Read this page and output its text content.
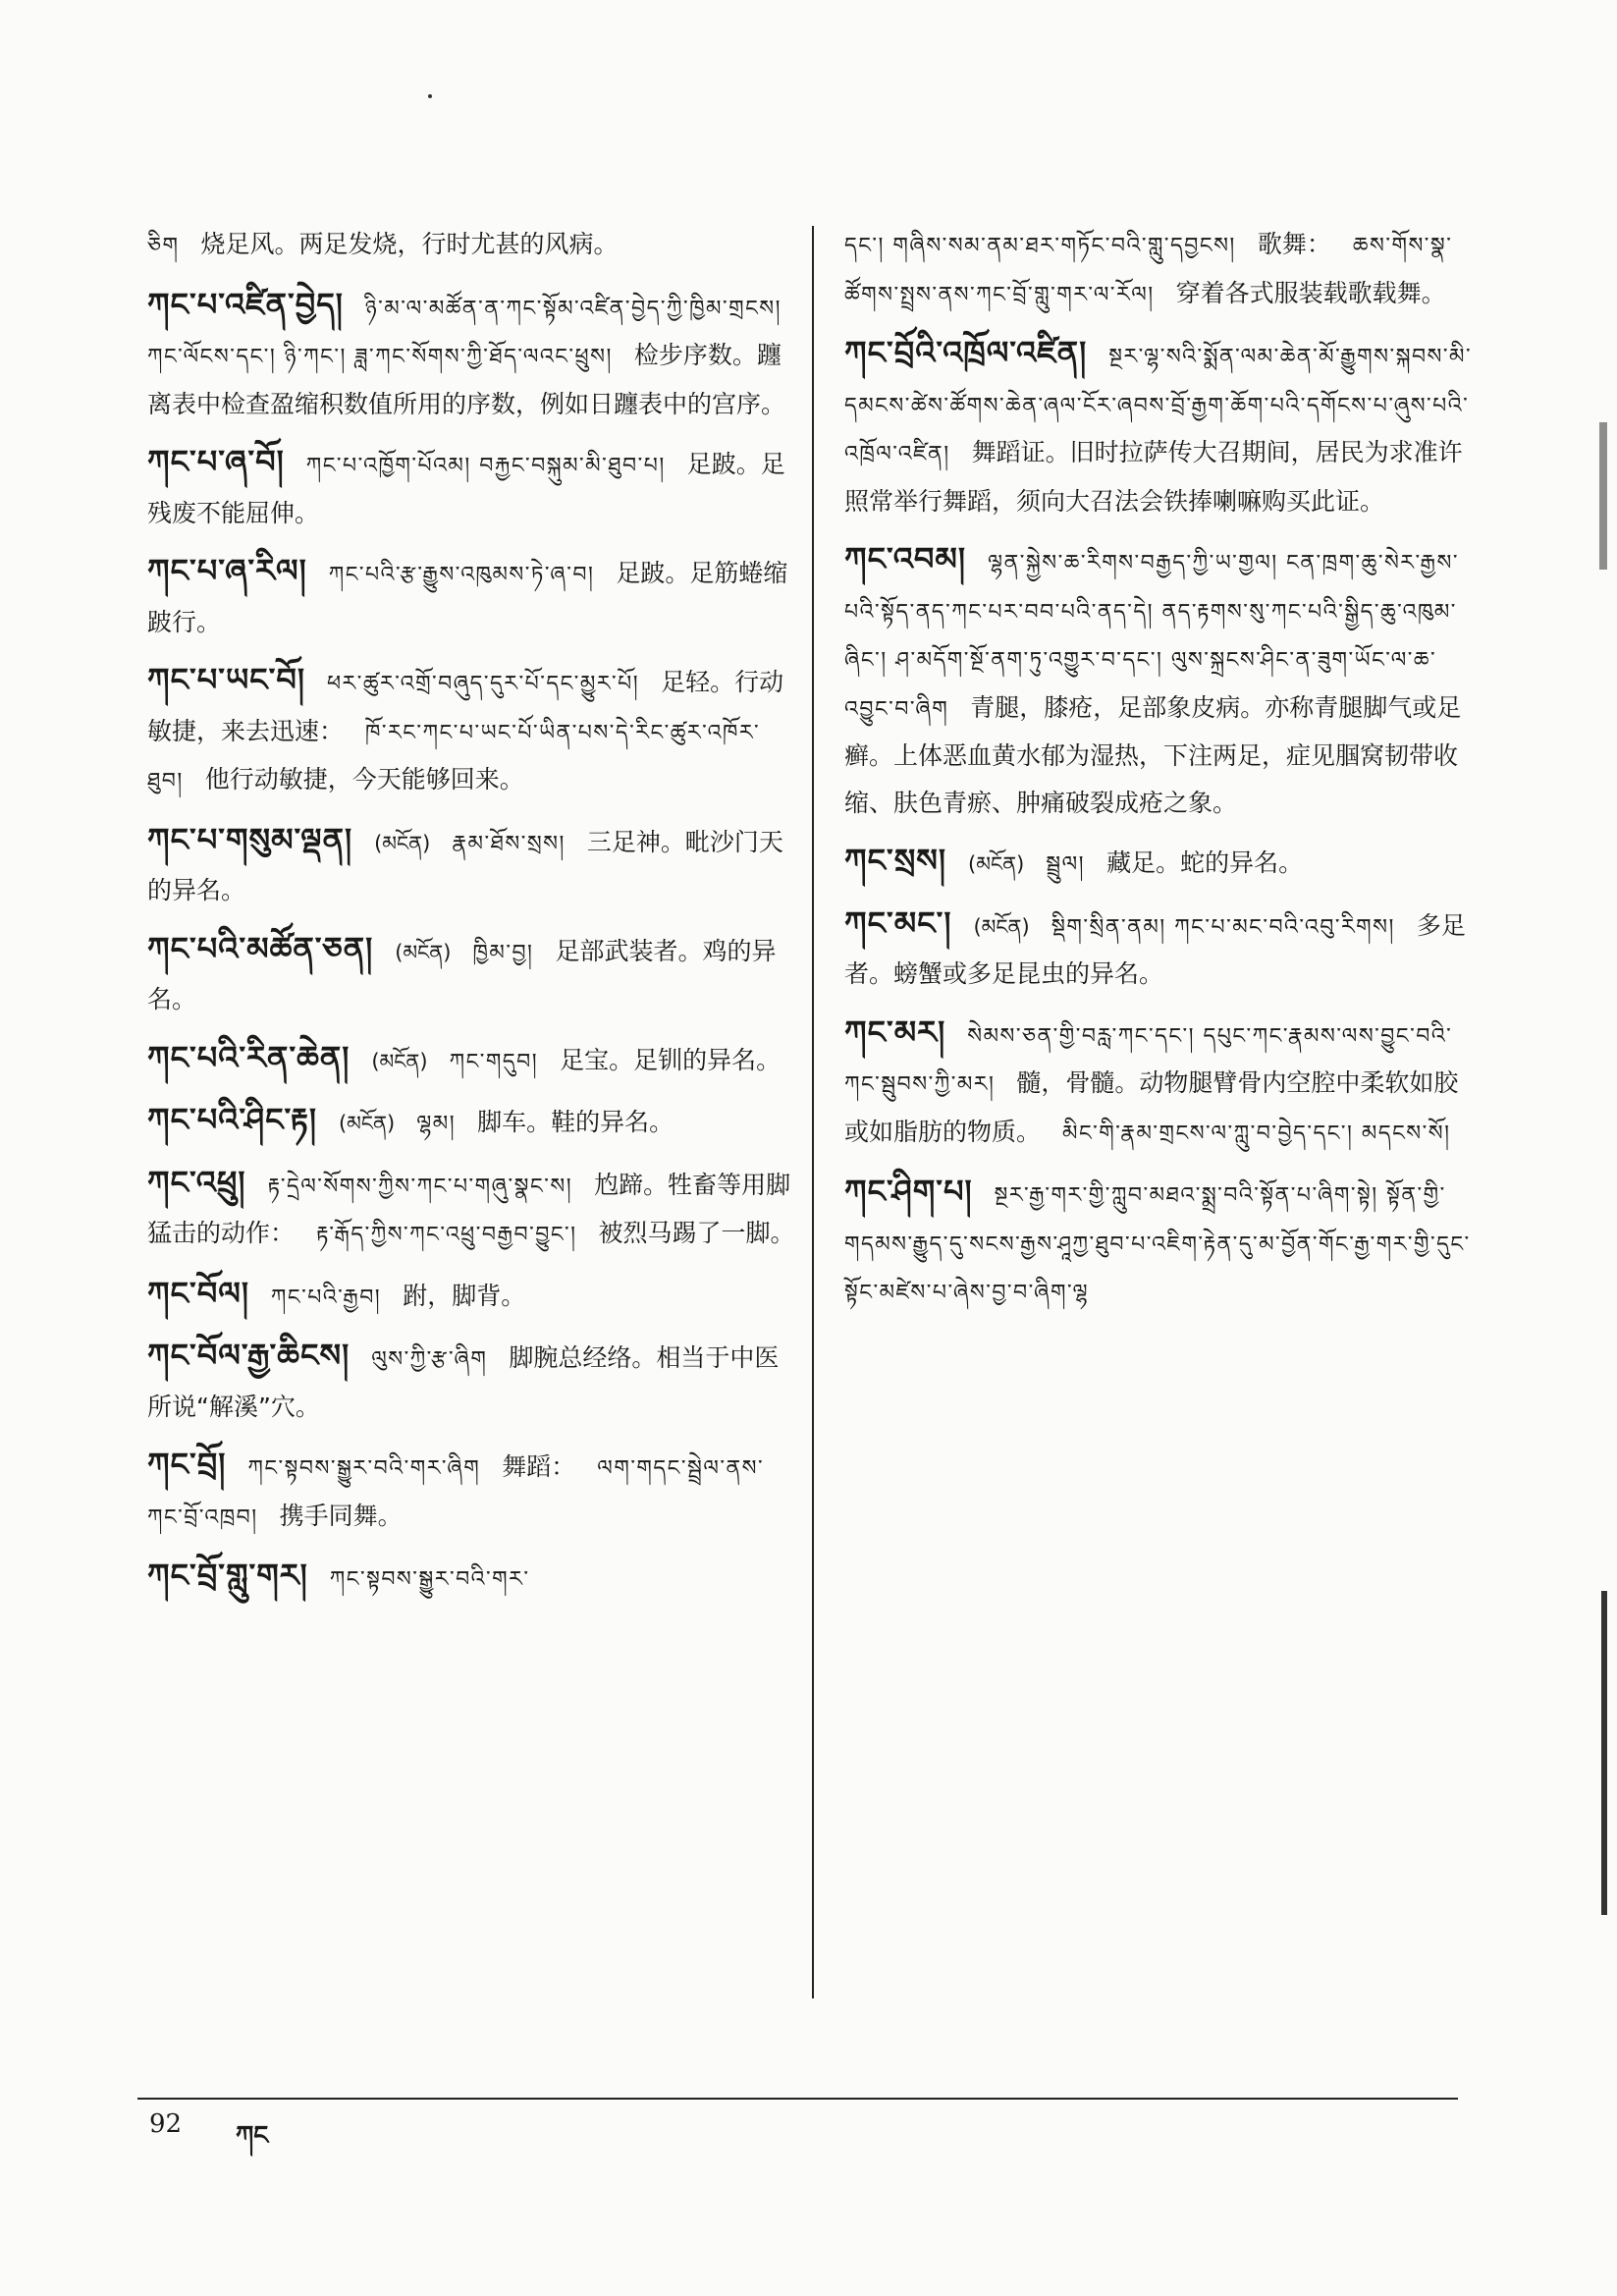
ཅིག 烧足风。两足发烧，行时尤甚的风病。
ཀང་པ་འཛིན་བྱེད། ཉི་མ་ལ་མཚོན་ན་ཀང་སྟོམ་འཛིན་བྱེད་ཀྱི་ཁྱིམ་གྲངས། ཀང་ལོངས་དང་། ཉི་ཀང་། ཟླ་ཀང་སོགས་ཀྱི་ཐོད་ལའང་ཕྲུས། 检步序数。躔离表中检查盈缩积数值所用的序数，例如日躔表中的宫序。
ཀང་པ་ཞ་བོ། ཀང་པ་འཁྱོག་པོའམ། བརྐྱང་བསྐུམ་མི་ཐུབ་པ། 足跛。足残废不能屈伸。
ཀང་པ་ཞ་རིལ། ཀང་པའི་རྩ་རྒྱུས་འཁུམས་ཏེ་ཞ་བ། 足跛。足筋蜷缩跛行。
ཀང་པ་ཡང་བོ། ཕར་ཚུར་འགྲོ་བཞུད་དུར་པོ་དང་མྱུར་པོ། 足轻。行动敏捷，来去迅速： ཁོ་རང་ཀང་པ་ཡང་པོ་ཡིན་པས་དེ་རིང་ཚུར་འཁོར་ཐུབ། 他行动敏捷，今天能够回来。
ཀང་པ་གསུམ་ལྡན། (མངོན) རྣམ་ཐོས་སྲས། 三足神。毗沙门天的异名。
ཀང་པའི་མཚོན་ཅན། (མངོན) ཁྱིམ་བྱ། 足部武装者。鸡的异名。
ཀང་པའི་རིན་ཆེན། (མངོན) ཀང་གདུབ། 足宝。足钏的异名。
ཀང་པའི་ཤིང་རྟ། (མངོན) ལྷམ། 脚车。鞋的异名。
ཀང་འཕྲུ། རྟ་དྲེལ་སོགས་ཀྱིས་ཀང་པ་གཞུ་སྣང་ས། 尥蹄。牲畜等用脚猛击的动作： རྟ་རྒོད་ཀྱིས་ཀང་འཕྲུ་བརྒྱབ་བྱུང་། 被烈马踢了一脚。
ཀང་བོལ། ཀང་པའི་རྒྱབ། 跗，脚背。
ཀང་བོལ་རྒྱ་ཆིངས། ལུས་ཀྱི་རྩ་ཞིག 脚腕总经络。相当于中医所说“解溪”穴。
ཀང་བྲོ། ཀང་སྟབས་སྒྱུར་བའི་གར་ཞིག 舞蹈： ལག་གདང་སྦྲེལ་ནས་ཀང་བྲོ་འཁྲབ། 携手同舞。
ཀང་བྲོ་གླུ་གར། ཀང་སྟབས་སྒྱུར་བའི་གར་
དང་། གཞིས་སམ་ནམ་ཐར་གཏོང་བའི་གླུ་དབྱངས། 歌舞： ཆས་གོས་སྣ་ཚོགས་སྤྲས་ནས་ཀང་བྲོ་གླུ་གར་ལ་རོལ། 穿着各式服装载歌载舞。
ཀང་བྲོའི་འཁྲོལ་འཛིན། སྔར་ལྷ་སའི་སྨོན་ལམ་ཆེན་མོ་རྒྱུགས་སྐབས་མི་དམངས་ཚེས་ཚོགས་ཆེན་ཞལ་ངོར་ཞབས་བྲོ་རྒྱག་ཆོག་པའི་དགོངས་པ་ཞུས་པའི་འཁྲོལ་འཛིན། 舞蹈证。旧时拉萨传大召期间，居民为求准许照常举行舞蹈，须向大召法会铁捧喇嘛购买此证。
ཀང་འབམ། ལྷན་སྐྱེས་ཆ་རིགས་བརྒྱད་ཀྱི་ཡ་གྱལ། ངན་ཁྲག་ཆུ་སེར་རྒྱས་པའི་སྟོད་ནད་ཀང་པར་བབ་པའི་ནད་དེ། ནད་རྟགས་སུ་ཀང་པའི་སྒྱིད་ཆུ་འཁུམ་ཞིང་། ཤ་མདོག་སྔོ་ནག་ཏུ་འགྱུར་བ་དང་། ལུས་སྐྲངས་ཤིང་ན་ཟུག་ཡོང་ལ་ཆ་འབྱུང་བ་ཞིག 青腿，膝疮，足部象皮病。亦称青腿脚气或足癣。上体恶血黄水郁为湿热，下注两足，症见腘窝韧带收缩、肤色青瘀、肿痛破裂成疮之象。
ཀང་སྲས། (མངོན) སྦྲུལ། 藏足。蛇的异名。
ཀང་མང་། (མངོན) སྡིག་སྲིན་ནམ། ཀང་པ་མང་བའི་འབུ་རིགས། 多足者。螃蟹或多足昆虫的异名。
ཀང་མར། སེམས་ཅན་གྱི་བརླ་ཀང་དང་། དཔུང་ཀང་རྣམས་ལས་བྱུང་བའི་ཀང་སྦུབས་ཀྱི་མར། 髓，骨髓。动物腿臂骨内空腔中柔软如胶或如脂肪的物质。 མིང་གི་རྣམ་གྲངས་ལ་ཀླུ་བ་བྱེད་དང་། མདངས་སོ།
ཀང་ཤིག་པ། སྔར་རྒྱ་གར་གྱི་ཀླུབ་མཐའ་སྨྲ་བའི་སྟོན་པ་ཞིག་སྟེ། སྟོན་གྱི་གདམས་རྒྱུད་དུ་སངས་རྒྱས་ཤཱཀྱ་ཐུབ་པ་འཇིག་རྟེན་དུ་མ་བྱོན་གོང་རྒྱ་གར་གྱི་དུང་སྟོང་མཛེས་པ་ཞེས་བྱ་བ་ཞིག་ལྷ
92 ཀང
